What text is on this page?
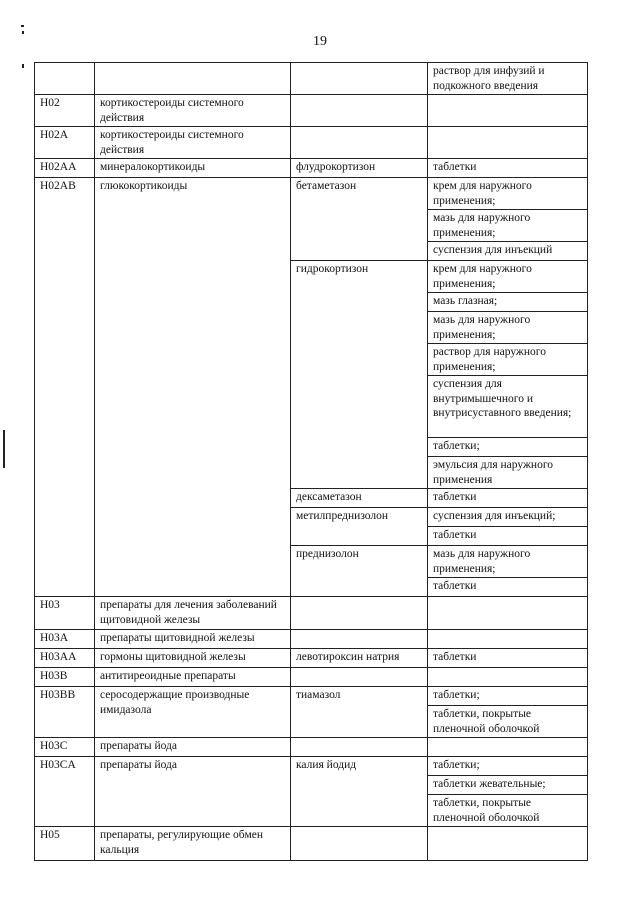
19
			раствор для инфузий и подкожного введения
H02	кортикостероиды системного действия		
H02A	кортикостероиды системного действия		
H02AA	минералокортикоиды	флудрокортизон	таблетки
H02AB	глюкокортикоиды	бетаметазон	крем для наружного применения;
			мазь для наружного применения;
			суспензия для инъекций
		гидрокортизон	крем для наружного применения;
			мазь глазная;
			мазь для наружного применения;
			раствор для наружного применения;
			суспензия для внутримышечного и внутрисуставного введения;
			таблетки;
			эмульсия для наружного применения
		дексаметазон	таблетки
		метилпреднизолон	суспензия для инъекций;
			таблетки
		преднизолон	мазь для наружного применения;
			таблетки
H03	препараты для лечения заболеваний щитовидной железы		
H03A	препараты щитовидной железы		
H03AA	гормоны щитовидной железы	левотироксин натрия	таблетки
H03B	антитиреоидные препараты		
H03BB	серосодержащие производные имидазола	тиамазол	таблетки;
			таблетки, покрытые пленочной оболочкой
H03C	препараты йода		
H03CA	препараты йода	калия йодид	таблетки;
			таблетки жевательные;
			таблетки, покрытые пленочной оболочкой
H05	препараты, регулирующие обмен кальция		
